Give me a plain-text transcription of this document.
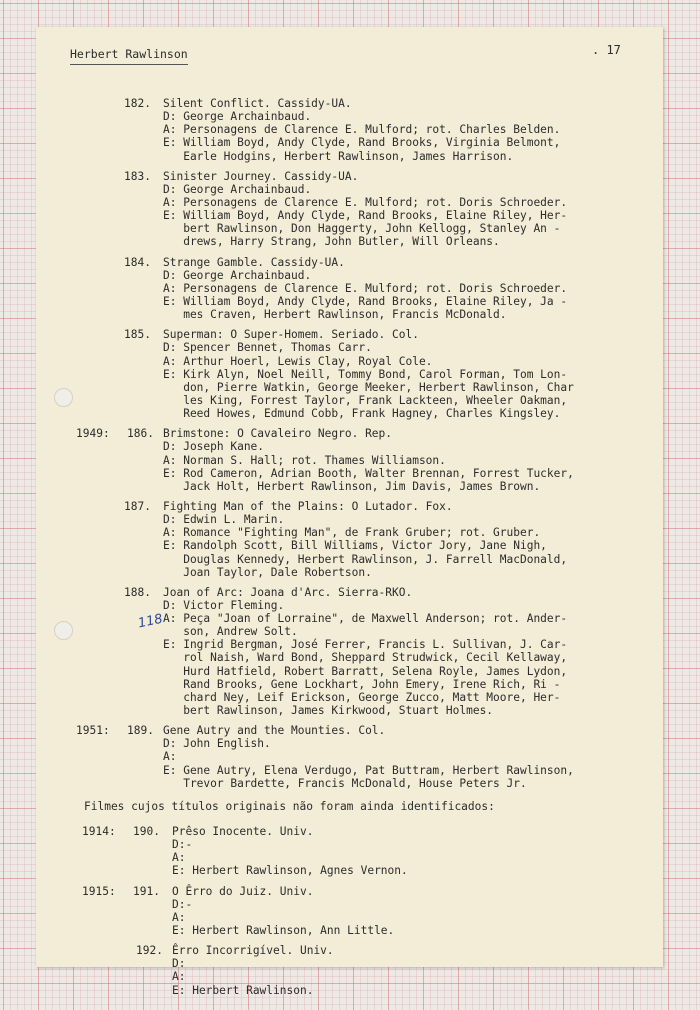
Herbert Rawlinson	. 17
118
182. Silent Conflict. Cassidy-UA.
D: George Archainbaud.
A: Personagens de Clarence E. Mulford; rot. Charles Belden.
E: William Boyd, Andy Clyde, Rand Brooks, Virginia Belmont,
Earle Hodgins, Herbert Rawlinson, James Harrison.
183. Sinister Journey. Cassidy-UA.
D: George Archainbaud.
A: Personagens de Clarence E. Mulford; rot. Doris Schroeder.
E: William Boyd, Andy Clyde, Rand Brooks, Elaine Riley, Her-
bert Rawlinson, Don Haggerty, John Kellogg, Stanley An -
drews, Harry Strang, John Butler, Will Orleans.
184. Strange Gamble. Cassidy-UA.
D: George Archainbaud.
A: Personagens de Clarence E. Mulford; rot. Doris Schroeder.
E: William Boyd, Andy Clyde, Rand Brooks, Elaine Riley, Ja -
mes Craven, Herbert Rawlinson, Francis McDonald.
185. Superman: O Super-Homem. Seriado. Col.
D: Spencer Bennet, Thomas Carr.
A: Arthur Hoerl, Lewis Clay, Royal Cole.
E: Kirk Alyn, Noel Neill, Tommy Bond, Carol Forman, Tom Lon-
don, Pierre Watkin, George Meeker, Herbert Rawlinson, Char
les King, Forrest Taylor, Frank Lackteen, Wheeler Oakman,
Reed Howes, Edmund Cobb, Frank Hagney, Charles Kingsley.
1949: 186. Brimstone: O Cavaleiro Negro. Rep.
D: Joseph Kane.
A: Norman S. Hall; rot. Thames Williamson.
E: Rod Cameron, Adrian Booth, Walter Brennan, Forrest Tucker,
Jack Holt, Herbert Rawlinson, Jim Davis, James Brown.
187. Fighting Man of the Plains: O Lutador. Fox.
D: Edwin L. Marin.
A: Romance "Fighting Man", de Frank Gruber; rot. Gruber.
E: Randolph Scott, Bill Williams, Victor Jory, Jane Nigh,
Douglas Kennedy, Herbert Rawlinson, J. Farrell MacDonald,
Joan Taylor, Dale Robertson.
188. Joan of Arc: Joana d'Arc. Sierra-RKO.
D: Victor Fleming.
A: Peça "Joan of Lorraine", de Maxwell Anderson; rot. Ander-
son, Andrew Solt.
E: Ingrid Bergman, José Ferrer, Francis L. Sullivan, J. Car-
rol Naish, Ward Bond, Sheppard Strudwick, Cecil Kellaway,
Hurd Hatfield, Robert Barratt, Selena Royle, James Lydon,
Rand Brooks, Gene Lockhart, John Emery, Irene Rich, Ri -
chard Ney, Leif Erickson, George Zucco, Matt Moore, Her-
bert Rawlinson, James Kirkwood, Stuart Holmes.
1951: 189. Gene Autry and the Mounties. Col.
D: John English.
A:
E: Gene Autry, Elena Verdugo, Pat Buttram, Herbert Rawlinson,
Trevor Bardette, Francis McDonald, House Peters Jr.
Filmes cujos títulos originais não foram ainda identificados:
1914: 190. Prêso Inocente. Univ.
D:-
A:
E: Herbert Rawlinson, Agnes Vernon.
1915: 191. O Êrro do Juiz. Univ.
D:-
A:
E: Herbert Rawlinson, Ann Little.
192. Êrro Incorrigível. Univ.
D:
A:
E: Herbert Rawlinson.
